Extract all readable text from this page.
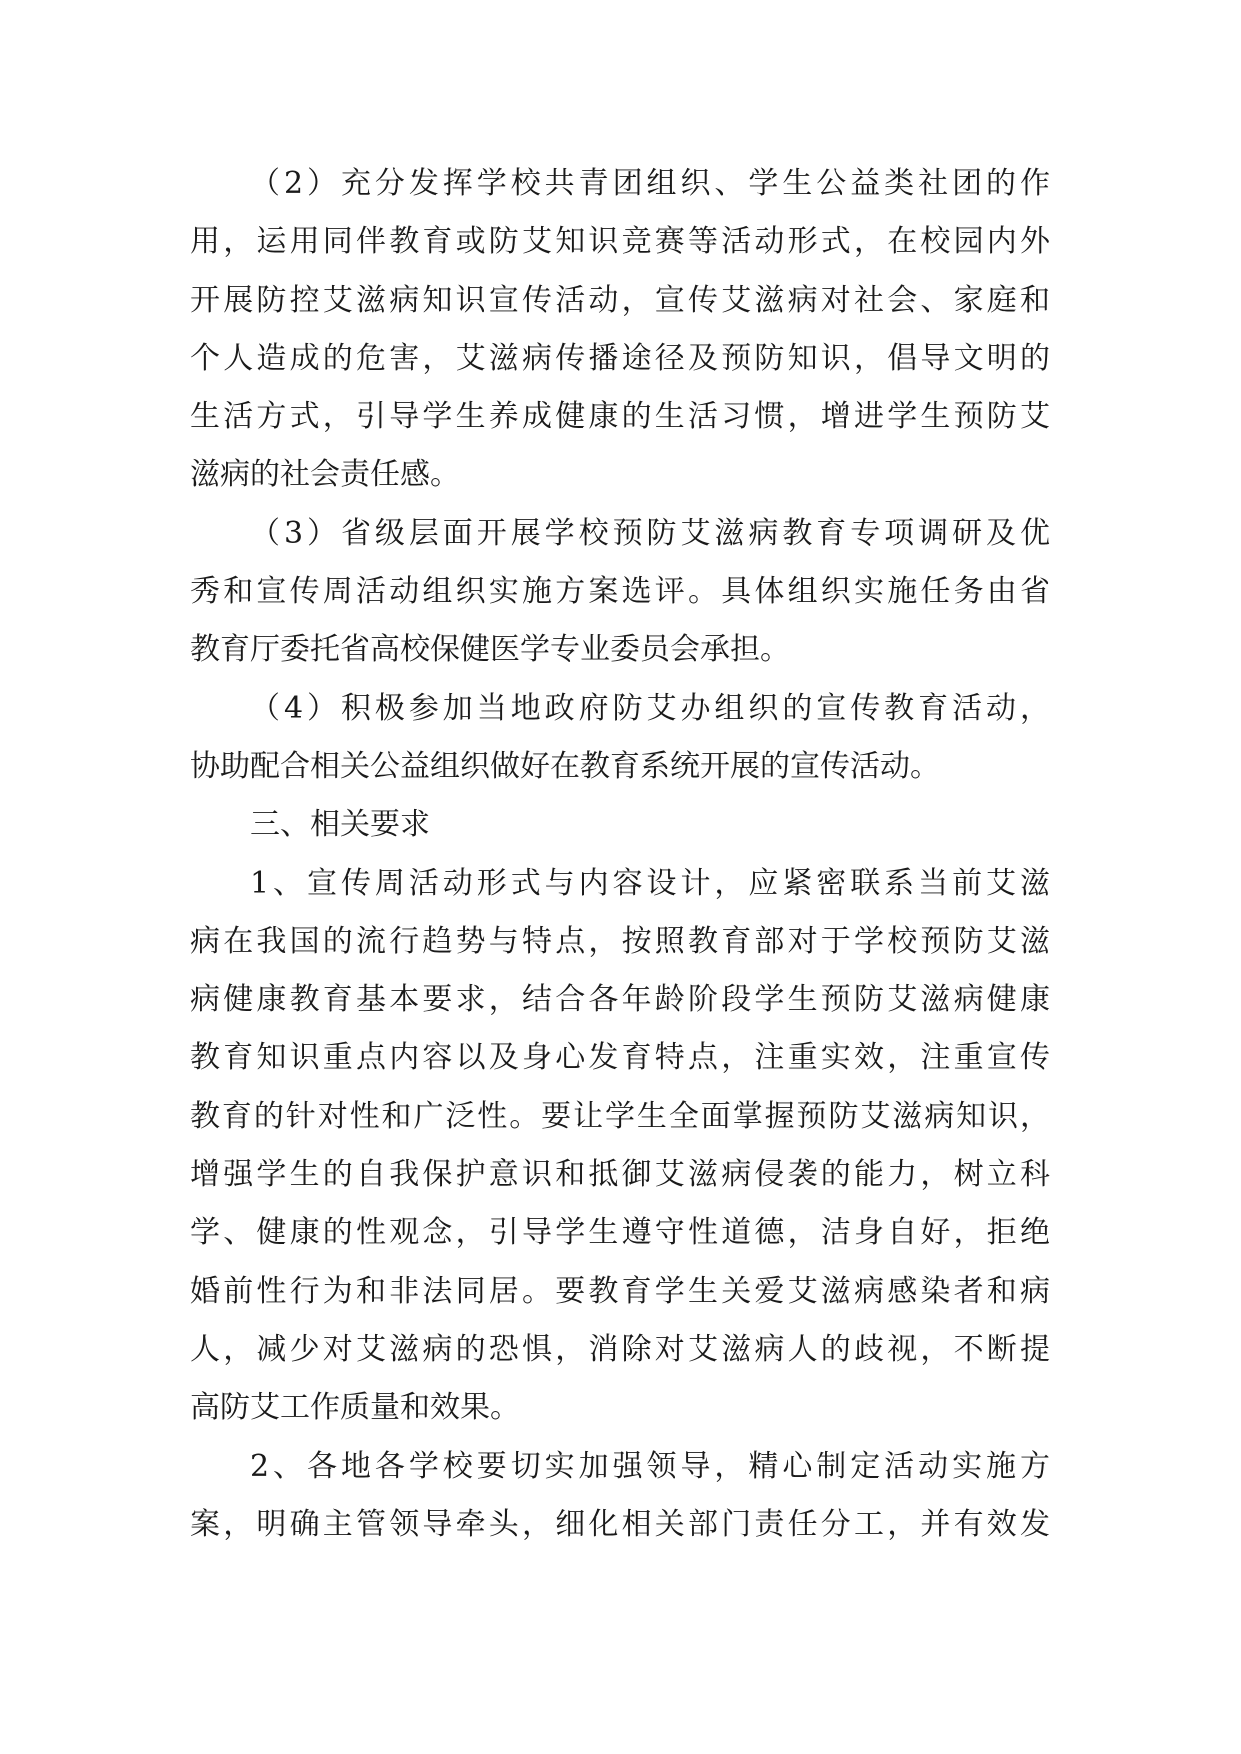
（2）充分发挥学校共青团组织、学生公益类社团的作
用，运用同伴教育或防艾知识竞赛等活动形式，在校园内外
开展防控艾滋病知识宣传活动，宣传艾滋病对社会、家庭和
个人造成的危害，艾滋病传播途径及预防知识，倡导文明的
生活方式，引导学生养成健康的生活习惯，增进学生预防艾
滋病的社会责任感。
（3）省级层面开展学校预防艾滋病教育专项调研及优
秀和宣传周活动组织实施方案选评。具体组织实施任务由省
教育厅委托省高校保健医学专业委员会承担。
（4）积极参加当地政府防艾办组织的宣传教育活动，
协助配合相关公益组织做好在教育系统开展的宣传活动。
三、相关要求
1、宣传周活动形式与内容设计，应紧密联系当前艾滋
病在我国的流行趋势与特点，按照教育部对于学校预防艾滋
病健康教育基本要求，结合各年龄阶段学生预防艾滋病健康
教育知识重点内容以及身心发育特点，注重实效，注重宣传
教育的针对性和广泛性。要让学生全面掌握预防艾滋病知识，
增强学生的自我保护意识和抵御艾滋病侵袭的能力，树立科
学、健康的性观念，引导学生遵守性道德，洁身自好，拒绝
婚前性行为和非法同居。要教育学生关爱艾滋病感染者和病
人，减少对艾滋病的恐惧，消除对艾滋病人的歧视，不断提
高防艾工作质量和效果。
2、各地各学校要切实加强领导，精心制定活动实施方
案，明确主管领导牵头，细化相关部门责任分工，并有效发
